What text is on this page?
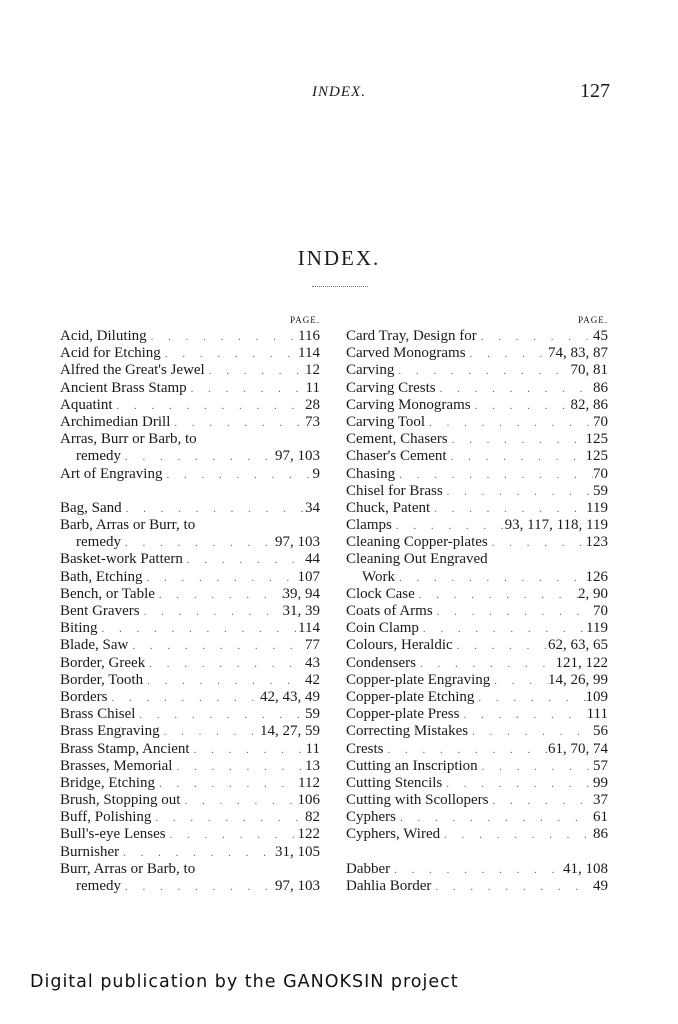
INDEX.	127
INDEX.
PAGE.
Acid, Diluting . . .	116
Acid for Etching . . .	114
Alfred the Great's Jewel . . .	12
Ancient Brass Stamp . . .	11
Aquatint . . .	28
Archimedian Drill . . .	73
Arras, Burr or Barb, to
remedy . . .	97, 103
Art of Engraving . . .	9
Bag, Sand . . .	34
Barb, Arras or Burr, to
remedy . . .	97, 103
Basket-work Pattern . . .	44
Bath, Etching . . .	107
Bench, or Table . . .	39, 94
Bent Gravers . . .	31, 39
Biting . . .	114
Blade, Saw . . .	77
Border, Greek . . .	43
Border, Tooth . . .	42
Borders . . .	42, 43, 49
Brass Chisel . . .	59
Brass Engraving . . .	14, 27, 59
Brass Stamp, Ancient . . .	11
Brasses, Memorial . . .	13
Bridge, Etching . . .	112
Brush, Stopping out . . .	106
Buff, Polishing . . .	82
Bull's-eye Lenses . . .	122
Burnisher . . .	31, 105
Burr, Arras or Barb, to
remedy . . .	97, 103
PAGE.
Card Tray, Design for . . .	45
Carved Monograms . . .	74, 83, 87
Carving . . .	70, 81
Carving Crests . . .	86
Carving Monograms . . .	82, 86
Carving Tool . . .	70
Cement, Chasers . . .	125
Chaser's Cement . . .	125
Chasing . . .	70
Chisel for Brass . . .	59
Chuck, Patent . . .	119
Clamps . . .	93, 117, 118, 119
Cleaning Copper-plates . . .	123
Cleaning Out Engraved
Work . . .	126
Clock Case . . .	2, 90
Coats of Arms . . .	70
Coin Clamp . . .	119
Colours, Heraldic . . .	62, 63, 65
Condensers . . .	121, 122
Copper-plate Engraving . . .	14, 26, 99
Copper-plate Etching . . .	109
Copper-plate Press . . .	111
Correcting Mistakes . . .	56
Crests . . .	61, 70, 74
Cutting an Inscription . . .	57
Cutting Stencils . . .	99
Cutting with Scollopers . . .	37
Cyphers . . .	61
Cyphers, Wired . . .	86
Dabber . . .	41, 108
Dahlia Border . . .	49
Digital publication by the GANOKSIN project
